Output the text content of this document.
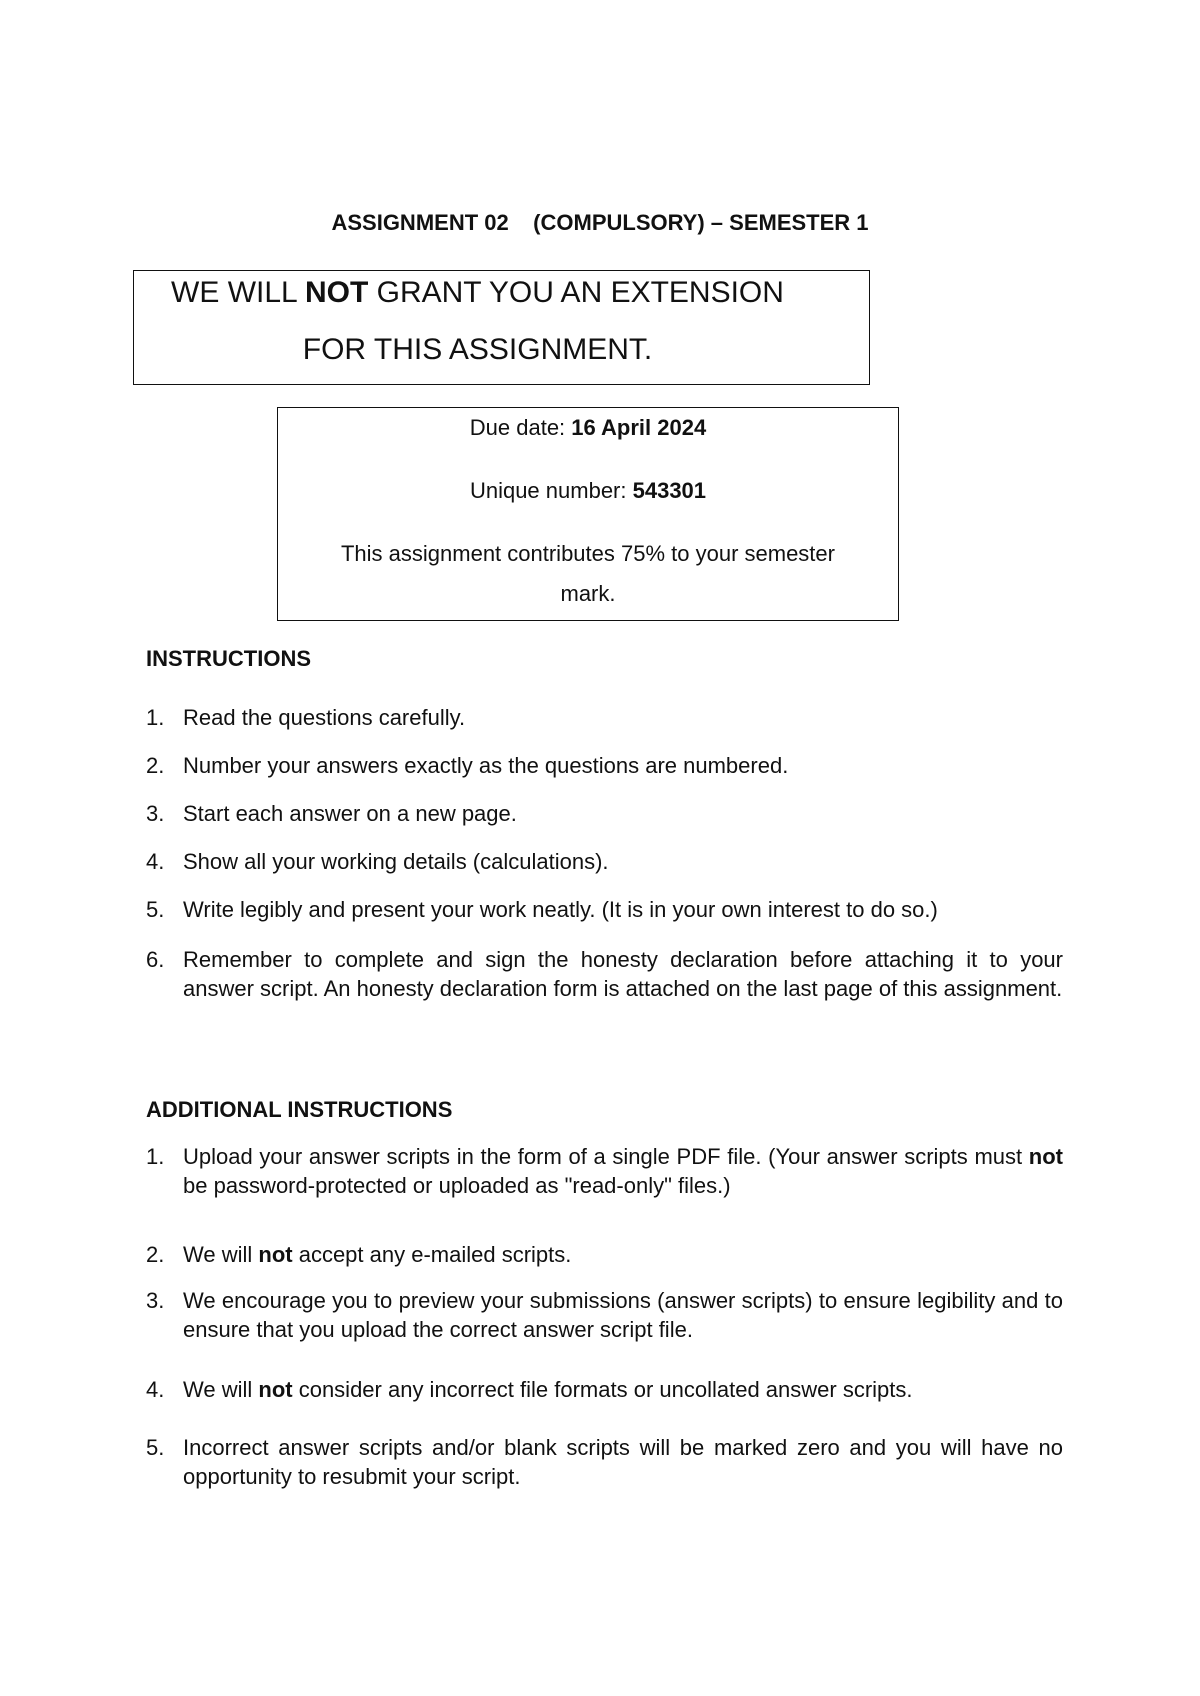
ASSIGNMENT 02    (COMPULSORY) – SEMESTER 1
WE WILL NOT GRANT YOU AN EXTENSION
FOR THIS ASSIGNMENT.
Due date: 16 April 2024
Unique number: 543301
This assignment contributes 75% to your semester
mark.
INSTRUCTIONS
1. Read the questions carefully.
2. Number your answers exactly as the questions are numbered.
3. Start each answer on a new page.
4. Show all your working details (calculations).
5. Write legibly and present your work neatly. (It is in your own interest to do so.)
6. Remember to complete and sign the honesty declaration before attaching it to your answer script. An honesty declaration form is attached on the last page of this assignment.
ADDITIONAL INSTRUCTIONS
1. Upload your answer scripts in the form of a single PDF file. (Your answer scripts must not be password-protected or uploaded as "read-only" files.)
2. We will not accept any e-mailed scripts.
3. We encourage you to preview your submissions (answer scripts) to ensure legibility and to ensure that you upload the correct answer script file.
4. We will not consider any incorrect file formats or uncollated answer scripts.
5. Incorrect answer scripts and/or blank scripts will be marked zero and you will have no opportunity to resubmit your script.
